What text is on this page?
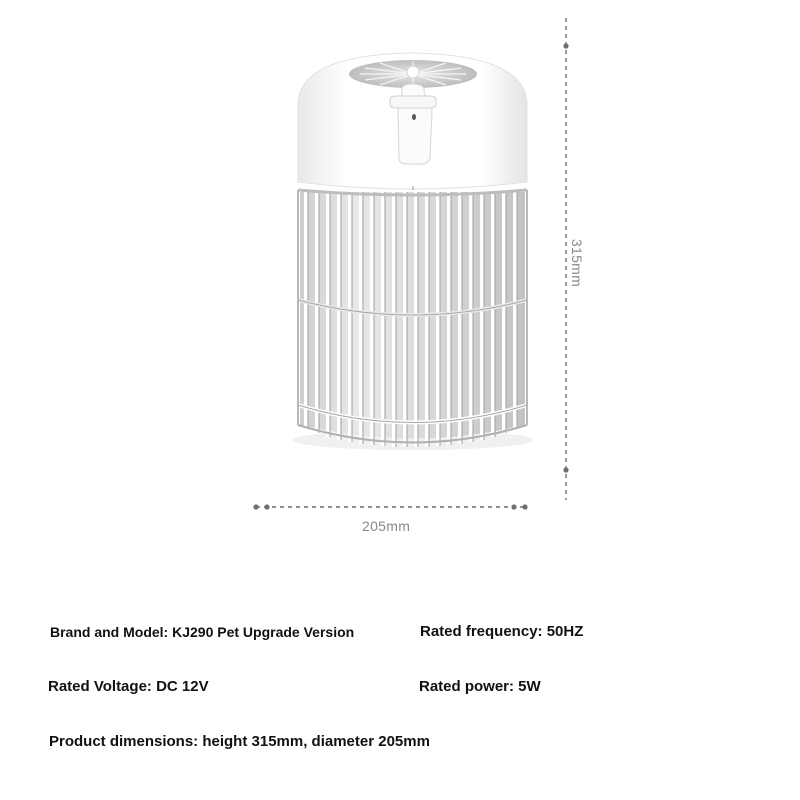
205mm
315mm
Brand and Model: KJ290 Pet Upgrade Version	Rated frequency: 50HZ
Rated Voltage: DC 12V	Rated power: 5W
Product dimensions: height 315mm, diameter 205mm
